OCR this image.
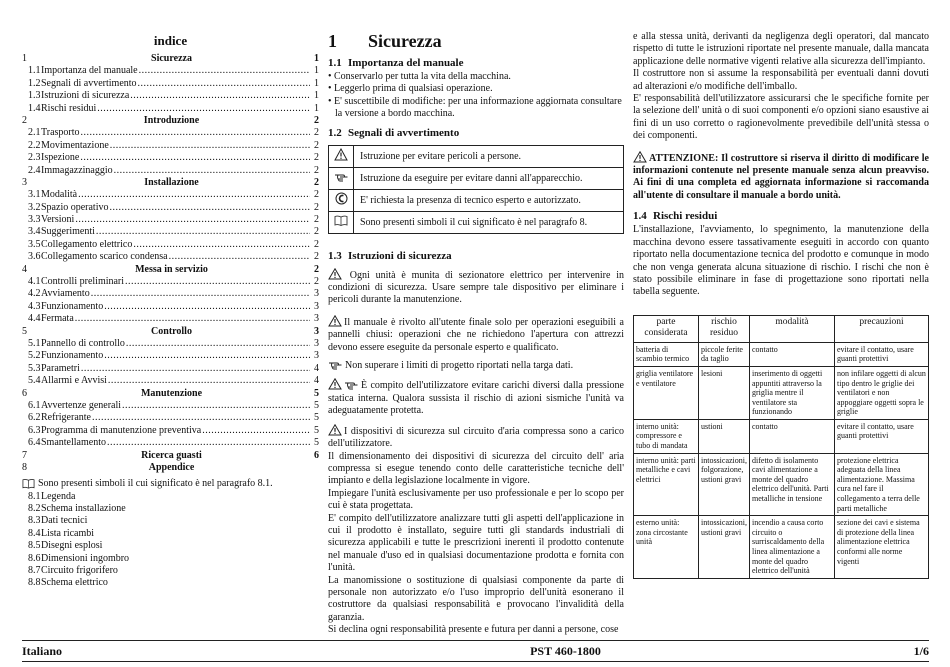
indice
1	Sicurezza	1
1.1 Importanza del manuale .....	1
1.2 Segnali di avvertimento .....	1
1.3 Istruzioni di sicurezza .....	1
1.4 Rischi residui .....	1
2	Introduzione	2
2.1 Trasporto .....	2
2.2 Movimentazione .....	2
2.3 Ispezione .....	2
2.4 Immagazzinaggio .....	2
3	Installazione	2
3.1 Modalità .....	2
3.2 Spazio operativo .....	2
3.3 Versioni .....	2
3.4 Suggerimenti .....	2
3.5 Collegamento elettrico .....	2
3.6 Collegamento scarico condensa .....	2
4	Messa in servizio	2
4.1 Controlli preliminari .....	2
4.2 Avviamento .....	3
4.3 Funzionamento .....	3
4.4 Fermata .....	3
5	Controllo	3
5.1 Pannello di controllo .....	3
5.2 Funzionamento .....	3
5.3 Parametri .....	4
5.4 Allarmi e Avvisi .....	4
6	Manutenzione	5
6.1 Avvertenze generali .....	5
6.2 Refrigerante .....	5
6.3 Programma di manutenzione preventiva .....	5
6.4 Smantellamento .....	5
7	Ricerca guasti	6
8	Appendice
Sono presenti simboli il cui significato è nel paragrafo 8.1.
8.1 Legenda
8.2 Schema installazione
8.3 Dati tecnici
8.4 Lista ricambi
8.5 Disegni esplosi
8.6 Dimensioni ingombro
8.7 Circuito frigorifero
8.8 Schema elettrico
1	Sicurezza
1.1 Importanza del manuale
• Conservarlo per tutta la vita della macchina.
• Leggerlo prima di qualsiasi operazione.
• E' suscettibile di modifiche: per una informazione aggiornata consultare la versione a bordo macchina.
1.2 Segnali di avvertimento
	Istruzione per evitare pericoli a persone.
	Istruzione da eseguire per evitare danni all'apparecchio.
	E' richiesta la presenza di tecnico esperto e autorizzato.
	Sono presenti simboli il cui significato è nel paragrafo 8.
1.3 Istruzioni di sicurezza

Ogni unità è munita di sezionatore elettrico per intervenire in condizioni di sicurezza. Usare sempre tale dispositivo per eliminare i pericoli durante la manutenzione.

Il manuale è rivolto all'utente finale solo per operazioni eseguibili a pannelli chiusi: operazioni che ne richiedono l'apertura con attrezzi devono essere eseguite da personale esperto e qualificato.

Non superare i limiti di progetto riportati nella targa dati.

È compito dell'utilizzatore evitare carichi diversi dalla pressione statica interna. Qualora sussista il rischio di azioni sismiche l'unità va adeguatamente protetta.

I dispositivi di sicurezza sul circuito d'aria compressa sono a carico dell'utilizzatore.

Il dimensionamento dei dispositivi di sicurezza del circuito dell' aria compressa si esegue tenendo conto delle caratteristiche tecniche dell' impianto e della legislazione localmente in vigore.

Impiegare l'unità esclusivamente per uso professionale e per lo scopo per cui è stata progettata.

E' compito dell'utilizzatore analizzare tutti gli aspetti dell'applicazione in cui il prodotto è installato, seguire tutti gli standards industriali di sicurezza applicabili e tutte le prescrizioni inerenti il prodotto contenute nel manuale d'uso ed in qualsiasi documentazione prodotta e fornita con l'unità.

La manomissione o sostituzione di qualsiasi componente da parte di personale non autorizzato e/o l'uso improprio dell'unità esonerano il costruttore da qualsiasi responsabilità e provocano l'invalidità della garanzia.

Si declina ogni responsabilità presente e futura per danni a persone, cose

e alla stessa unità, derivanti da negligenza degli operatori, dal mancato rispetto di tutte le istruzioni riportate nel presente manuale, dalla mancata applicazione delle normative vigenti relative alla sicurezza dell'impianto.

Il costruttore non si assume la responsabilità per eventuali danni dovuti ad alterazioni e/o modifiche dell'imballo.

E' responsabilità dell'utilizzatore assicurarsi che le specifiche fornite per la selezione dell' unità o di suoi componenti e/o opzioni siano esaustive ai fini di un uso corretto o ragionevolmente prevedibile dell'unità stessa o dei componenti.

ATTENZIONE: Il costruttore si riserva il diritto di modificare le informazioni contenute nel presente manuale senza alcun preavviso. Ai fini di una completa ed aggiornata informazione si raccomanda all'utente di consultare il manuale a bordo unità.

1.4 Rischi residui

L'installazione, l'avviamento, lo spegnimento, la manutenzione della macchina devono essere tassativamente eseguiti in accordo con quanto riportato nella documentazione tecnica del prodotto e comunque in modo che non venga generata alcuna situazione di rischio. I rischi che non è stato possibile eliminare in fase di progettazione sono riportati nella tabella seguente.

parte considerata	rischio residuo	modalità	precauzioni
batteria di scambio termico	piccole ferite da taglio	contatto	evitare il contatto, usare guanti protettivi
griglia ventilatore e ventilatore	lesioni	inserimento di oggetti appuntiti attraverso la griglia mentre il ventilatore sta funzionando	non infilare oggetti di alcun tipo dentro le griglie dei ventilatori e non appoggiare oggetti sopra le griglie
interno unità: compressore e tubo di mandata	ustioni	contatto	evitare il contatto, usare guanti protettivi
interno unità: parti metalliche e cavi elettrici	intossicazioni, folgorazione, ustioni gravi	difetto di isolamento cavi alimentazione a monte del quadro elettrico dell'unità. Parti metalliche in tensione	protezione elettrica adeguata della linea alimentazione. Massima cura nel fare il collegamento a terra delle parti metalliche
esterno unità: zona circostante unità	intossicazioni, ustioni gravi	incendio a causa corto circuito o surriscaldamento della linea alimentazione a monte del quadro elettrico dell'unità	sezione dei cavi e sistema di protezione della linea alimentazione elettrica conformi alle norme vigenti
Italiano	PST 460-1800	1/6
